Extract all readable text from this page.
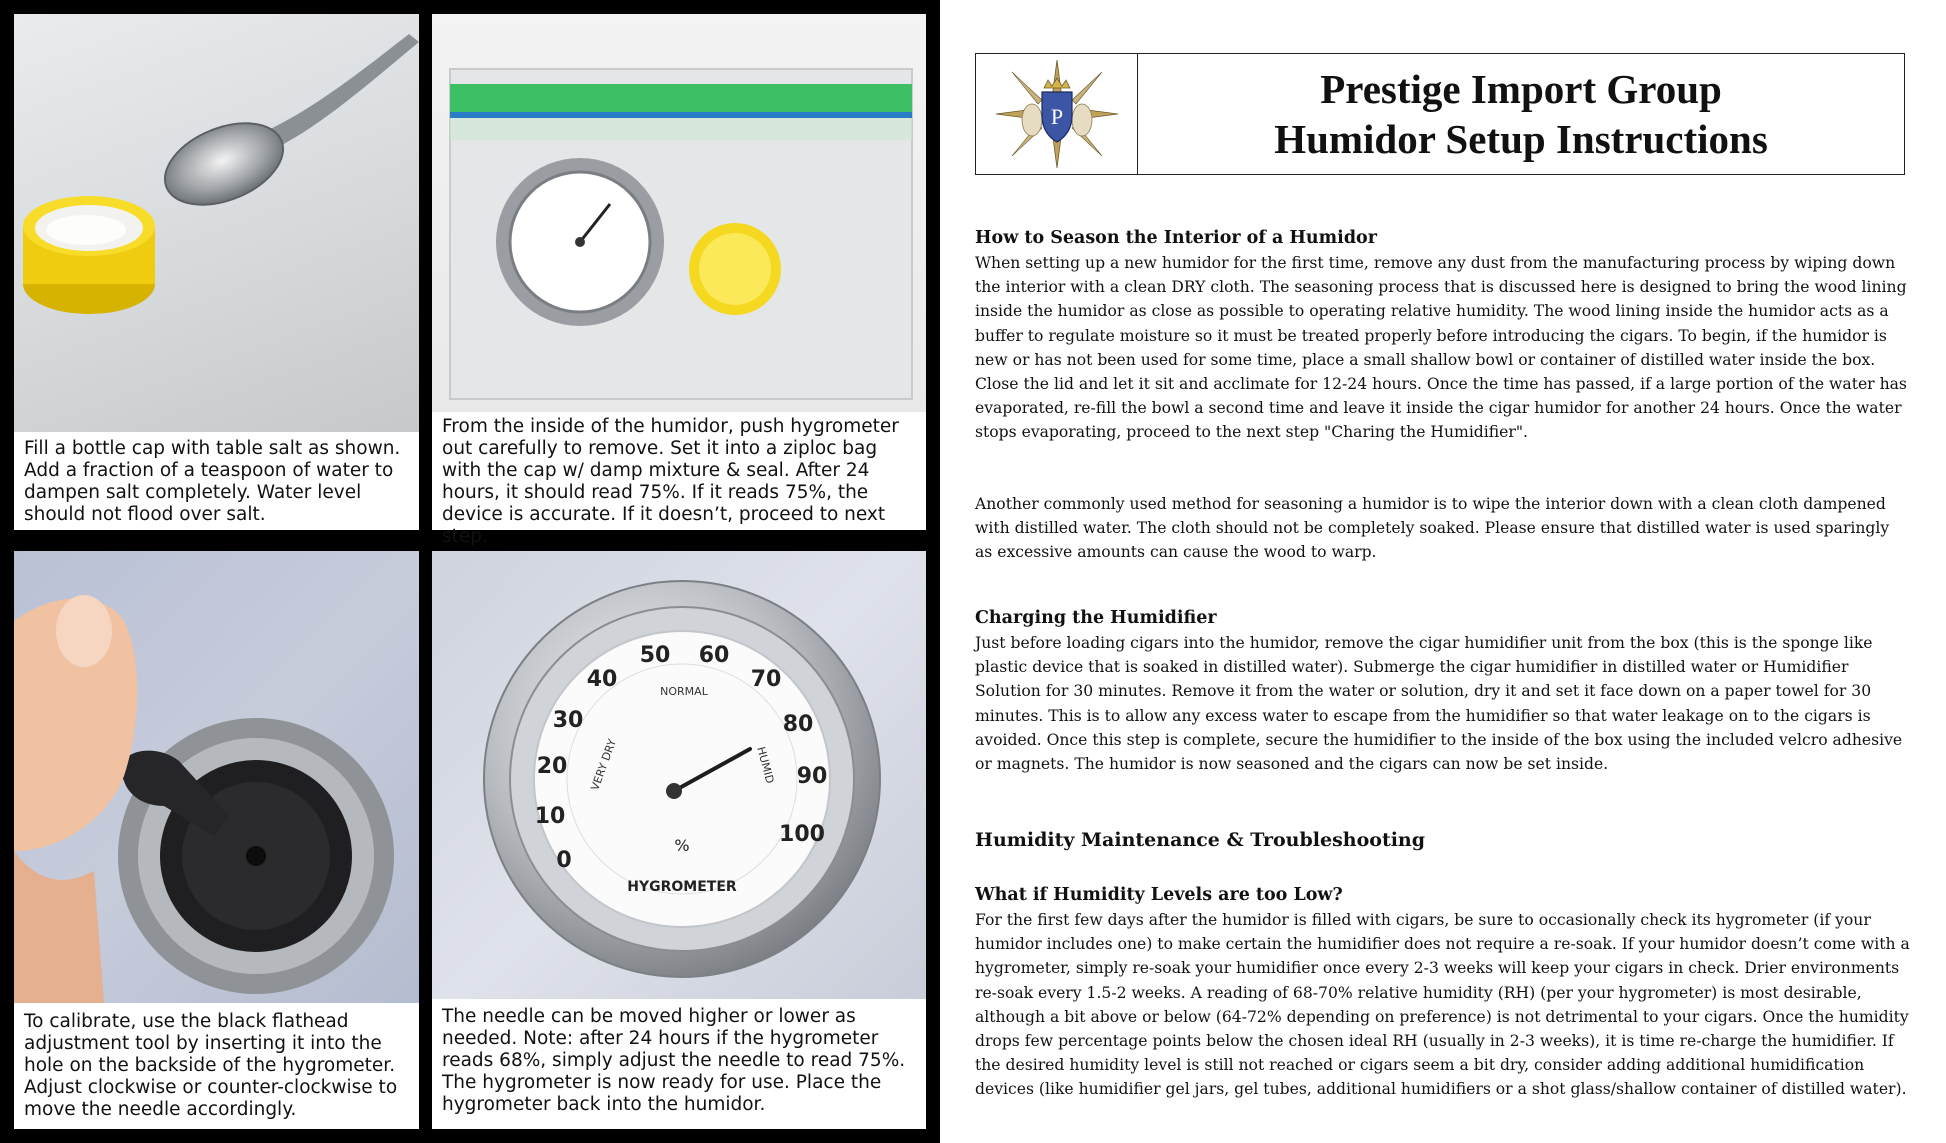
Fill a bottle cap with table salt as shown. Add a fraction of a teaspoon of water to dampen salt completely. Water level should not flood over salt.
From the inside of the humidor, push hygrometer out carefully to remove. Set it into a ziploc bag with the cap w/ damp mixture & seal. After 24 hours, it should read 75%. If it reads 75%, the device is accurate. If it doesn’t, proceed to next step.
To calibrate, use the black flathead adjustment tool by inserting it into the hole on the backside of the hygrometer. Adjust clockwise or counter-clockwise to move the needle accordingly.
0
10
20
30
40
50 60
70
80
90
100
VERY DRY
NORMAL
HUMID
%
HYGROMETER
The needle can be moved higher or lower as needed. Note: after 24 hours if the hygrometer reads 68%, simply adjust the needle to read 75%. The hygrometer is now ready for use. Place the hygrometer back into the humidor.
P
Prestige Import Group
Humidor Setup Instructions
How to Season the Interior of a Humidor
When setting up a new humidor for the first time, remove any dust from the manufacturing process by wiping down the interior with a clean DRY cloth. The seasoning process that is discussed here is designed to bring the wood lining inside the humidor as close as possible to operating relative humidity. The wood lining inside the humidor acts as a buffer to regulate moisture so it must be treated properly before introducing the cigars. To begin, if the humidor is new or has not been used for some time, place a small shallow bowl or container of distilled water inside the box. Close the lid and let it sit and acclimate for 12-24 hours. Once the time has passed, if a large portion of the water has evaporated, re-fill the bowl a second time and leave it inside the cigar humidor for another 24 hours. Once the water stops evaporating, proceed to the next step "Charing the Humidifier".
Another commonly used method for seasoning a humidor is to wipe the interior down with a clean cloth dampened with distilled water. The cloth should not be completely soaked. Please ensure that distilled water is used sparingly as excessive amounts can cause the wood to warp.
Charging the Humidifier
Just before loading cigars into the humidor, remove the cigar humidifier unit from the box (this is the sponge like plastic device that is soaked in distilled water). Submerge the cigar humidifier in distilled water or Humidifier Solution for 30 minutes. Remove it from the water or solution, dry it and set it face down on a paper towel for 30 minutes. This is to allow any excess water to escape from the humidifier so that water leakage on to the cigars is avoided. Once this step is complete, secure the humidifier to the inside of the box using the included velcro adhesive or magnets. The humidor is now seasoned and the cigars can now be set inside.
Humidity Maintenance & Troubleshooting
What if Humidity Levels are too Low?
For the first few days after the humidor is filled with cigars, be sure to occasionally check its hygrometer (if your humidor includes one) to make certain the humidifier does not require a re-soak. If your humidor doesn’t come with a hygrometer, simply re-soak your humidifier once every 2-3 weeks will keep your cigars in check. Drier environments re-soak every 1.5-2 weeks. A reading of 68-70% relative humidity (RH) (per your hygrometer) is most desirable, although a bit above or below (64-72% depending on preference) is not detrimental to your cigars. Once the humidity drops few percentage points below the chosen ideal RH (usually in 2-3 weeks), it is time re-charge the humidifier. If the desired humidity level is still not reached or cigars seem a bit dry, consider adding additional humidification devices (like humidifier gel jars, gel tubes, additional humidifiers or a shot glass/shallow container of distilled water).
